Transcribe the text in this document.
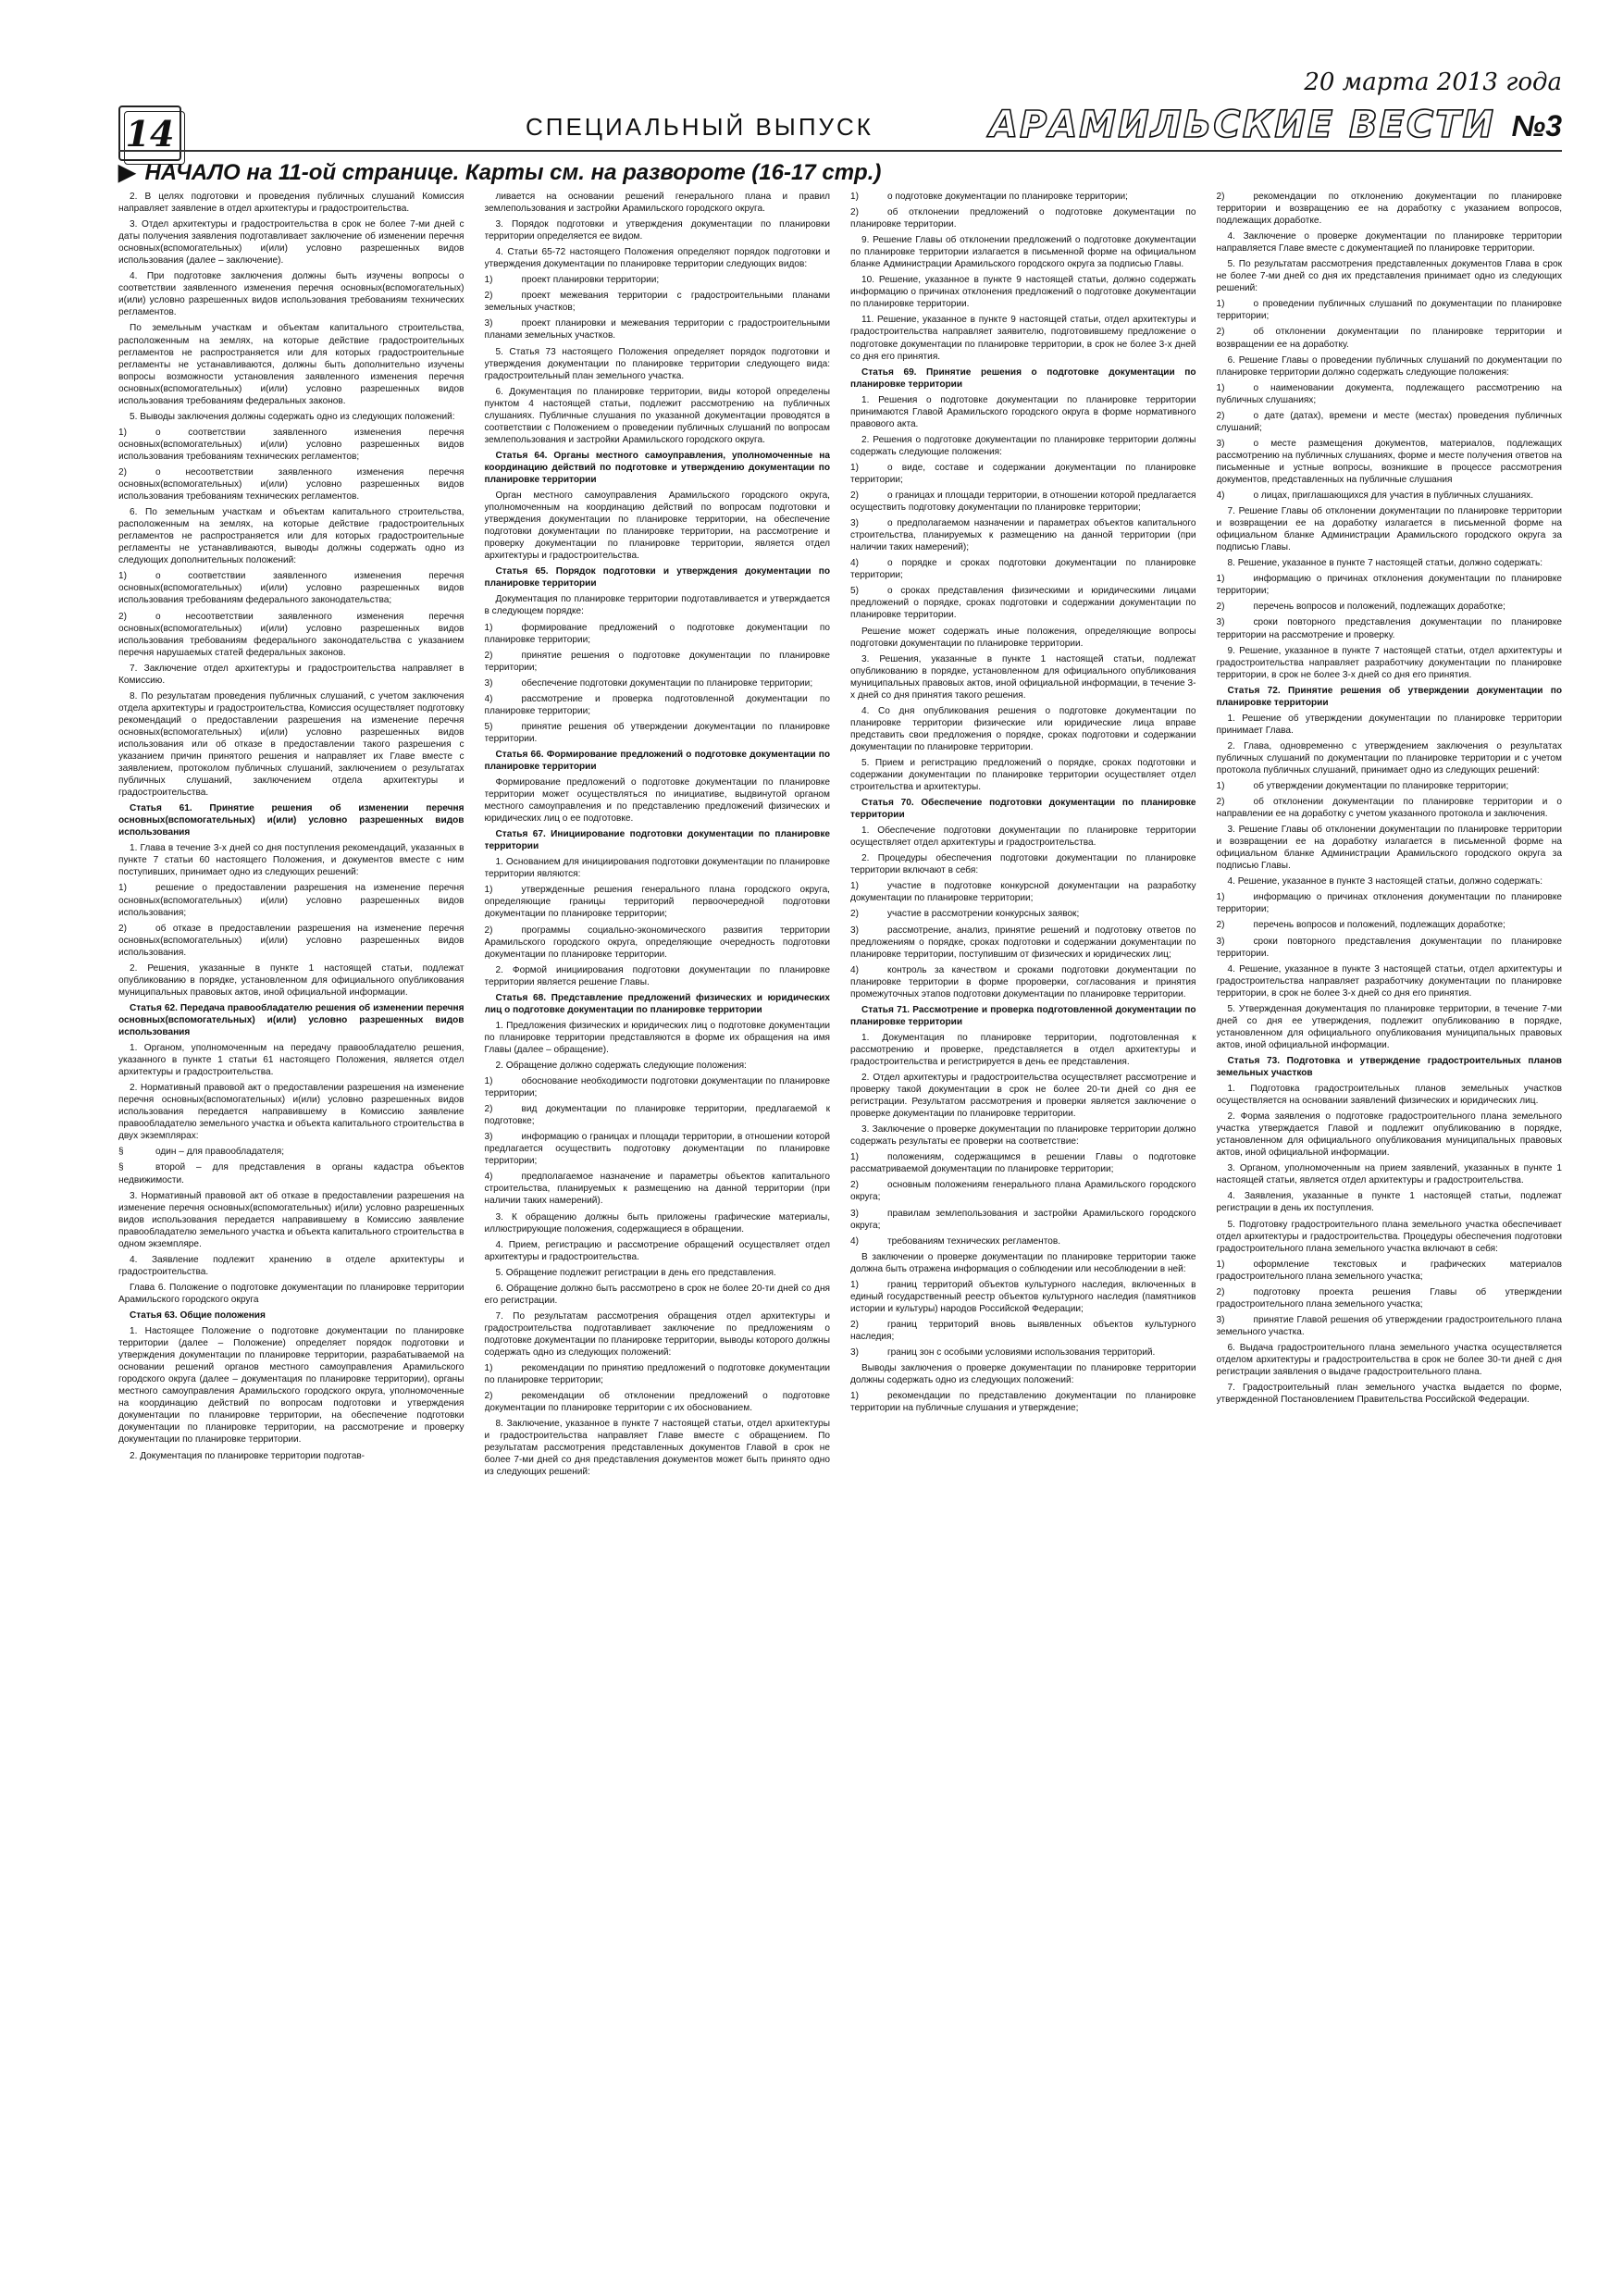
14	СПЕЦИАЛЬНЫЙ ВЫПУСК
20 марта 2013 года
АРАМИЛЬСКИЕ ВЕСТИ №3
▶ НАЧАЛО на 11-ой странице. Карты см. на развороте (16-17 стр.)

2. В целях подготовки и проведения публичных слушаний Комиссия направляет заявление в отдел архитектуры и градостроительства.

3. Отдел архитектуры и градостроительства в срок не более 7-ми дней с даты получения заявления подготавливает заключение об изменении перечня основных(вспомогательных) и(или) условно разрешенных видов использования (далее – заключение).

4. При подготовке заключения должны быть изучены вопросы о соответствии заявленного изменения перечня основных(вспомогательных) и(или) условно разрешенных видов использования требованиям технических регламентов.

По земельным участкам и объектам капитального строительства, расположенным на землях, на которые действие градостроительных регламентов не распространяется или для которых градостроительные регламенты не устанавливаются, должны быть дополнительно изучены вопросы возможности установления заявленного изменения перечня основных(вспомогательных) и(или) условно разрешенных видов использования требованиям федеральных законов.

5. Выводы заключения должны содержать одно из следующих положений:

1)	о соответствии заявленного изменения перечня основных(вспомогательных) и(или) условно разрешенных видов использования требованиям технических регламентов;

2)	о несоответствии заявленного изменения перечня основных(вспомогательных) и(или) условно разрешенных видов использования требованиям технических регламентов.

6. По земельным участкам и объектам капитального строительства, расположенным на землях, на которые действие градостроительных регламентов не распространяется или для которых градостроительные регламенты не устанавливаются, выводы должны содержать одно из следующих дополнительных положений:

1)	о соответствии заявленного изменения перечня основных(вспомогательных) и(или) условно разрешенных видов использования требованиям федерального законодательства;

2)	о несоответствии заявленного изменения перечня основных(вспомогательных) и(или) условно разрешенных видов использования требованиям федерального законодательства с указанием перечня нарушаемых статей федеральных законов.

7. Заключение отдел архитектуры и градостроительства направляет в Комиссию.

8. По результатам проведения публичных слушаний, с учетом заключения отдела архитектуры и градостроительства, Комиссия осуществляет подготовку рекомендаций о предоставлении разрешения на изменение перечня основных(вспомогательных) и(или) условно разрешенных видов использования или об отказе в предоставлении такого разрешения с указанием причин принятого решения и направляет их Главе вместе с заявлением, протоколом публичных слушаний, заключением о результатах публичных слушаний, заключением отдела архитектуры и градостроительства.

Статья 61. Принятие решения об изменении перечня основных(вспомогательных) и(или) условно разрешенных видов использования

1. Глава в течение 3-х дней со дня поступления рекомендаций, указанных в пункте 7 статьи 60 настоящего Положения, и документов вместе с ним поступивших, принимает одно из следующих решений:

1)	решение о предоставлении разрешения на изменение перечня основных(вспомогательных) и(или) условно разрешенных видов использования;

2)	об отказе в предоставлении разрешения на изменение перечня основных(вспомогательных) и(или) условно разрешенных видов использования.

2. Решения, указанные в пункте 1 настоящей статьи, подлежат опубликованию в порядке, установленном для официального опубликования муниципальных правовых актов, иной официальной информации.

Статья 62. Передача правообладателю решения об изменении перечня основных(вспомогательных) и(или) условно разрешенных видов использования

1. Органом, уполномоченным на передачу правообладателю решения, указанного в пункте 1 статьи 61 настоящего Положения, является отдел архитектуры и градостроительства.

2. Нормативный правовой акт о предоставлении разрешения на изменение перечня основных(вспомогательных) и(или) условно разрешенных видов использования передается направившему в Комиссию заявление правообладателю земельного участка и объекта капитального строительства в двух экземплярах:

§	один – для правообладателя;

§	второй – для представления в органы кадастра объектов недвижимости.

3. Нормативный правовой акт об отказе в предоставлении разрешения на изменение перечня основных(вспомогательных) и(или) условно разрешенных видов использования передается направившему в Комиссию заявление правообладателю земельного участка и объекта капитального строительства в одном экземпляре.

4. Заявление подлежит хранению в отделе архитектуры и градостроительства.

Глава 6. Положение о подготовке документации по планировке территории Арамильского городского округа

Статья 63. Общие положения

1. Настоящее Положение о подготовке документации по планировке территории (далее – Положение) определяет порядок подготовки и утверждения документации по планировке территории, разрабатываемой на основании решений органов местного самоуправления Арамильского городского округа (далее – документация по планировке территории), органы местного самоуправления Арамильского городского округа, уполномоченные на координацию действий по вопросам подготовки и утверждения документации по планировке территории, на обеспечение подготовки документации по планировке территории, на рассмотрение и проверку документации по планировке территории.

2. Документация по планировке территории подготав-

ливается на основании решений генерального плана и правил землепользования и застройки Арамильского городского округа.

3. Порядок подготовки и утверждения документации по планировки территории определяется ее видом.

4. Статьи 65-72 настоящего Положения определяют порядок подготовки и утверждения документации по планировке территории следующих видов:

1)	проект планировки территории;

2)	проект межевания территории с градостроительными планами земельных участков;

3)	проект планировки и межевания территории с градостроительными планами земельных участков.

5. Статья 73 настоящего Положения определяет порядок подготовки и утверждения документации по планировке территории следующего вида: градостроительный план земельного участка.

6. Документация по планировке территории, виды которой определены пунктом 4 настоящей статьи, подлежит рассмотрению на публичных слушаниях. Публичные слушания по указанной документации проводятся в соответствии с Положением о проведении публичных слушаний по вопросам землепользования и застройки Арамильского городского округа.

Статья 64. Органы местного самоуправления, уполномоченные на координацию действий по подготовке и утверждению документации по планировке территории

Орган местного самоуправления Арамильского городского округа, уполномоченным на координацию действий по вопросам подготовки и утверждения документации по планировке территории, на обеспечение подготовки документации по планировке территории, на рассмотрение и проверку документации по планировке территории, является отдел архитектуры и градостроительства.

Статья 65. Порядок подготовки и утверждения документации по планировке территории

Документация по планировке территории подготавливается и утверждается в следующем порядке:

1)	формирование предложений о подготовке документации по планировке территории;

2)	принятие решения о подготовке документации по планировке территории;

3)	обеспечение подготовки документации по планировке территории;

4)	рассмотрение и проверка подготовленной документации по планировке территории;

5)	принятие решения об утверждении документации по планировке территории.

Статья 66. Формирование предложений о подготовке документации по планировке территории

Формирование предложений о подготовке документации по планировке территории может осуществляться по инициативе, выдвинутой органом местного самоуправления и по представлению предложений физических и юридических лиц о ее подготовке.

Статья 67. Инициирование подготовки документации по планировке территории

1. Основанием для инициирования подготовки документации по планировке территории являются:

1)	утвержденные решения генерального плана городского округа, определяющие границы территорий первоочередной подготовки документации по планировке территории;

2)	программы социально-экономического развития территории Арамильского городского округа, определяющие очередность подготовки документации по планировке территории.

2. Формой инициирования подготовки документации по планировке территории является решение Главы.

Статья 68. Представление предложений физических и юридических лиц о подготовке документации по планировке территории

1. Предложения физических и юридических лиц о подготовке документации по планировке территории представляются в форме их обращения на имя Главы (далее – обращение).

2. Обращение должно содержать следующие положения:

1)	обоснование необходимости подготовки документации по планировке территории;

2)	вид документации по планировке территории, предлагаемой к подготовке;

3)	информацию о границах и площади территории, в отношении которой предлагается осуществить подготовку документации по планировке территории;

4)	предполагаемое назначение и параметры объектов капитального строительства, планируемых к размещению на данной территории (при наличии таких намерений).

3. К обращению должны быть приложены графические материалы, иллюстрирующие положения, содержащиеся в обращении.

4. Прием, регистрацию и рассмотрение обращений осуществляет отдел архитектуры и градостроительства.

5. Обращение подлежит регистрации в день его представления.

6. Обращение должно быть рассмотрено в срок не более 20-ти дней со дня его регистрации.

7. По результатам рассмотрения обращения отдел архитектуры и градостроительства подготавливает заключение по предложениям о подготовке документации по планировке территории, выводы которого должны содержать одно из следующих положений:

1)	рекомендации по принятию предложений о подготовке документации по планировке территории;

2)	рекомендации об отклонении предложений о подготовке документации по планировке территории с их обоснованием.

8. Заключение, указанное в пункте 7 настоящей статьи, отдел архитектуры и градостроительства направляет Главе вместе с обращением. По результатам рассмотрения представленных документов Главой в срок не более 7-ми дней со дня представления документов может быть принято одно из следующих решений:

1)	о подготовке документации по планировке территории;

2)	об отклонении предложений о подготовке документации по планировке территории.

9. Решение Главы об отклонении предложений о подготовке документации по планировке территории излагается в письменной форме на официальном бланке Администрации Арамильского городского округа за подписью Главы.

10. Решение, указанное в пункте 9 настоящей статьи, должно содержать информацию о причинах отклонения предложений о подготовке документации по планировке территории.

11. Решение, указанное в пункте 9 настоящей статьи, отдел архитектуры и градостроительства направляет заявителю, подготовившему предложение о подготовке документации по планировке территории, в срок не более 3-х дней со дня его принятия.

Статья 69. Принятие решения о подготовке документации по планировке территории

1. Решения о подготовке документации по планировке территории принимаются Главой Арамильского городского округа в форме нормативного правового акта.

2. Решения о подготовке документации по планировке территории должны содержать следующие положения:

1)	о виде, составе и содержании документации по планировке территории;

2)	о границах и площади территории, в отношении которой предлагается осуществить подготовку документации по планировке территории;

3)	о предполагаемом назначении и параметрах объектов капитального строительства, планируемых к размещению на данной территории (при наличии таких намерений);

4)	о порядке и сроках подготовки документации по планировке территории;

5)	о сроках представления физическими и юридическими лицами предложений о порядке, сроках подготовки и содержании документации по планировке территории.

Решение может содержать иные положения, определяющие вопросы подготовки документации по планировке территории.

3. Решения, указанные в пункте 1 настоящей статьи, подлежат опубликованию в порядке, установленном для официального опубликования муниципальных правовых актов, иной официальной информации, в течение 3-х дней со дня принятия такого решения.

4. Со дня опубликования решения о подготовке документации по планировке территории физические или юридические лица вправе представить свои предложения о порядке, сроках подготовки и содержании документации по планировке территории.

5. Прием и регистрацию предложений о порядке, сроках подготовки и содержании документации по планировке территории осуществляет отдел строительства и архитектуры.

Статья 70. Обеспечение подготовки документации по планировке территории

1. Обеспечение подготовки документации по планировке территории осуществляет отдел архитектуры и градостроительства.

2. Процедуры обеспечения подготовки документации по планировке территории включают в себя:

1)	участие в подготовке конкурсной документации на разработку документации по планировке территории;

2)	участие в рассмотрении конкурсных заявок;

3)	рассмотрение, анализ, принятие решений и подготовку ответов по предложениям о порядке, сроках подготовки и содержании документации по планировке территории, поступившим от физических и юридических лиц;

4)	контроль за качеством и сроками подготовки документации по планировке территории в форме пророверки, согласования и принятия промежуточных этапов подготовки документации по планировке территории.

Статья 71. Рассмотрение и проверка подготовленной документации по планировке территории

1. Документация по планировке территории, подготовленная к рассмотрению и проверке, представляется в отдел архитектуры и градостроительства и регистрируется в день ее представления.

2. Отдел архитектуры и градостроительства осуществляет рассмотрение и проверку такой документации в срок не более 20-ти дней со дня ее регистрации. Результатом рассмотрения и проверки является заключение о проверке документации по планировке территории.

3. Заключение о проверке документации по планировке территории должно содержать результаты ее проверки на соответствие:

1)	положениям, содержащимся в решении Главы о подготовке рассматриваемой документации по планировке территории;

2)	основным положениям генерального плана Арамильского городского округа;

3)	правилам землепользования и застройки Арамильского городского округа;

4)	требованиям технических регламентов.

В заключении о проверке документации по планировке территории также должна быть отражена информация о соблюдении или несоблюдении в ней:

1)	границ территорий объектов культурного наследия, включенных в единый государственный реестр объектов культурного наследия (памятников истории и культуры) народов Российской Федерации;

2)	границ территорий вновь выявленных объектов культурного наследия;

3)	границ зон с особыми условиями использования территорий.

Выводы заключения о проверке документации по планировке территории должны содержать одно из следующих положений:

1)	рекомендации по представлению документации по планировке территории на публичные слушания и утверждение;

2)	рекомендации по отклонению документации по планировке территории и возвращению ее на доработку с указанием вопросов, подлежащих доработке.

4. Заключение о проверке документации по планировке территории направляется Главе вместе с документацией по планировке территории.

5. По результатам рассмотрения представленных документов Глава в срок не более 7-ми дней со дня их представления принимает одно из следующих решений:

1)	о проведении публичных слушаний по документации по планировке территории;

2)	об отклонении документации по планировке территории и возвращении ее на доработку.

6. Решение Главы о проведении публичных слушаний по документации по планировке территории должно содержать следующие положения:

1)	о наименовании документа, подлежащего рассмотрению на публичных слушаниях;

2)	о дате (датах), времени и месте (местах) проведения публичных слушаний;

3)	о месте размещения документов, материалов, подлежащих рассмотрению на публичных слушаниях, форме и месте получения ответов на письменные и устные вопросы, возникшие в процессе рассмотрения документов, представленных на публичные слушания

4)	о лицах, приглашающихся для участия в публичных слушаниях.

7. Решение Главы об отклонении документации по планировке территории и возвращении ее на доработку излагается в письменной форме на официальном бланке Администрации Арамильского городского округа за подписью Главы.

8. Решение, указанное в пункте 7 настоящей статьи, должно содержать:

1)	информацию о причинах отклонения документации по планировке территории;

2)	перечень вопросов и положений, подлежащих доработке;

3)	сроки повторного представления документации по планировке территории на рассмотрение и проверку.

9. Решение, указанное в пункте 7 настоящей статьи, отдел архитектуры и градостроительства направляет разработчику документации по планировке территории, в срок не более 3-х дней со дня его принятия.

Статья 72. Принятие решения об утверждении документации по планировке территории

1. Решение об утверждении документации по планировке территории принимает Глава.

2. Глава, одновременно с утверждением заключения о результатах публичных слушаний по документации по планировке территории и с учетом протокола публичных слушаний, принимает одно из следующих решений:

1)	об утверждении документации по планировке территории;

2)	об отклонении документации по планировке территории и о направлении ее на доработку с учетом указанного протокола и заключения.

3. Решение Главы об отклонении документации по планировке территории и возвращении ее на доработку излагается в письменной форме на официальном бланке Администрации Арамильского городского округа за подписью Главы.

4. Решение, указанное в пункте 3 настоящей статьи, должно содержать:

1)	информацию о причинах отклонения документации по планировке территории;

2)	перечень вопросов и положений, подлежащих доработке;

3)	сроки повторного представления документации по планировке территории.

4. Решение, указанное в пункте 3 настоящей статьи, отдел архитектуры и градостроительства направляет разработчику документации по планировке территории, в срок не более 3-х дней со дня его принятия.

5. Утвержденная документация по планировке территории, в течение 7-ми дней со дня ее утверждения, подлежит опубликованию в порядке, установленном для официального опубликования муниципальных правовых актов, иной официальной информации.

Статья 73. Подготовка и утверждение градостроительных планов земельных участков

1. Подготовка градостроительных планов земельных участков осуществляется на основании заявлений физических и юридических лиц.

2. Форма заявления о подготовке градостроительного плана земельного участка утверждается Главой и подлежит опубликованию в порядке, установленном для официального опубликования муниципальных правовых актов, иной официальной информации.

3. Органом, уполномоченным на прием заявлений, указанных в пункте 1 настоящей статьи, является отдел архитектуры и градостроительства.

4. Заявления, указанные в пункте 1 настоящей статьи, подлежат регистрации в день их поступления.

5. Подготовку градостроительного плана земельного участка обеспечивает отдел архитектуры и градостроительства. Процедуры обеспечения подготовки градостроительного плана земельного участка включают в себя:

1)	оформление текстовых и графических материалов градостроительного плана земельного участка;

2)	подготовку проекта решения Главы об утверждении градостроительного плана земельного участка;

3)	принятие Главой решения об утверждении градостроительного плана земельного участка.

6. Выдача градостроительного плана земельного участка осуществляется отделом архитектуры и градостроительства в срок не более 30-ти дней с дня регистрации заявления о выдаче градостроительного плана.

7. Градостроительный план земельного участка выдается по форме, утвержденной Постановлением Правительства Российской Федерации.
